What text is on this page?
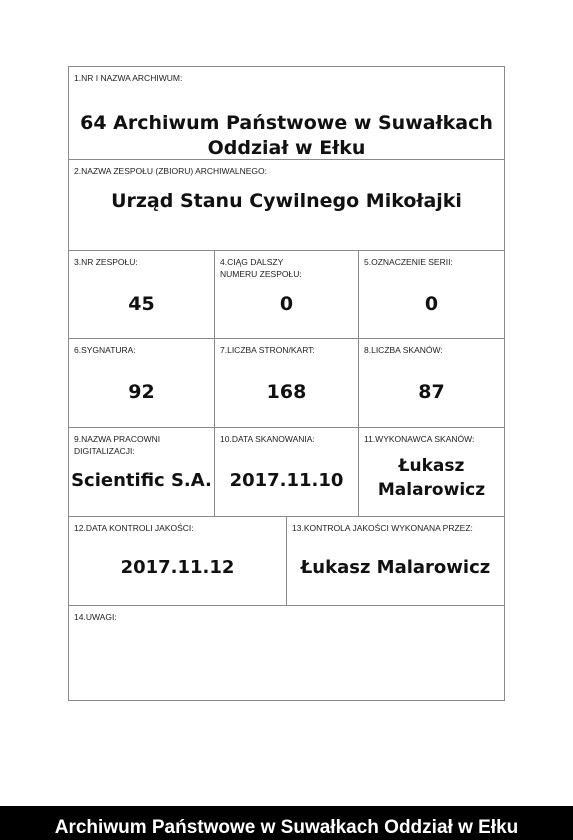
1.NR I NAZWA ARCHIWUM:
64 Archiwum Państwowe w Suwałkach
Oddział w Ełku
2.NAZWA ZESPOŁU (ZBIORU) ARCHIWALNEGO:
Urząd Stanu Cywilnego Mikołajki
3.NR ZESPOŁU:
45
4.CIĄG DALSZY NUMERU ZESPOŁU:
0
5.OZNACZENIE SERII:
0
6.SYGNATURA:
92
7.LICZBA STRON/KART:
168
8.LICZBA SKANÓW:
87
9.NAZWA PRACOWNI DIGITALIZACJI:
Scientific S.A.
10.DATA SKANOWANIA:
2017.11.10
11.WYKONAWCA SKANÓW:
Łukasz
Malarowicz
12.DATA KONTROLI JAKOŚCI:
2017.11.12
13.KONTROLA JAKOŚCI WYKONANA PRZEZ:
Łukasz Malarowicz
14.UWAGI:
Archiwum Państwowe w Suwałkach Oddział w Ełku
